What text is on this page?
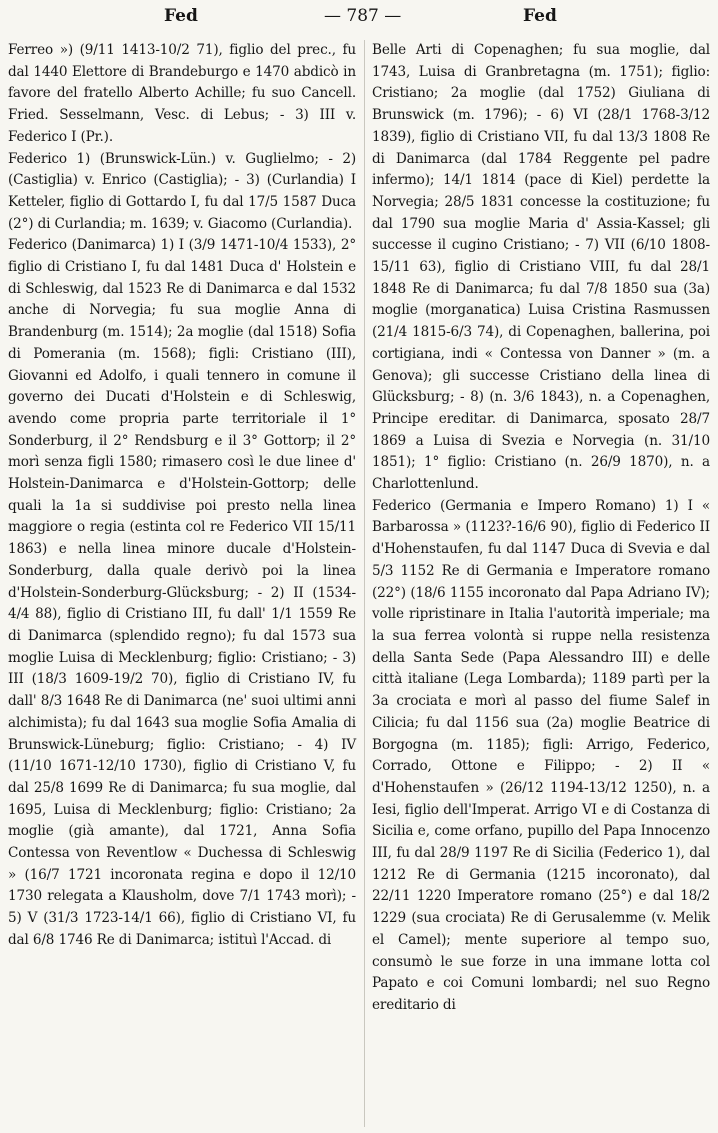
Fed	— 787 —	Fed

Ferreo ») (9/11 1413-10/2 71), figlio del prec., fu dal 1440 Elettore di Brandeburgo e 1470 abdicò in favore del fratello Alberto Achille; fu suo Cancell. Fried. Sesselmann, Vesc. di Lebus; - 3) III v. Federico I (Pr.).

Federico 1) (Brunswick-Lün.) v. Guglielmo; - 2) (Castiglia) v. Enrico (Castiglia); - 3) (Curlandia) I Ketteler, figlio di Gottardo I, fu dal 17/5 1587 Duca (2°) di Curlandia; m. 1639; v. Giacomo (Curlandia).

Federico (Danimarca) 1) I (3/9 1471-10/4 1533), 2° figlio di Cristiano I, fu dal 1481 Duca d' Holstein e di Schleswig, dal 1523 Re di Danimarca e dal 1532 anche di Norvegia; fu sua moglie Anna di Brandenburg (m. 1514); 2a moglie (dal 1518) Sofia di Pomerania (m. 1568); figli: Cristiano (III), Giovanni ed Adolfo, i quali tennero in comune il governo dei Ducati d'Holstein e di Schleswig, avendo come propria parte territoriale il 1° Sonderburg, il 2° Rendsburg e il 3° Gottorp; il 2° morì senza figli 1580; rimasero così le due linee d' Holstein-Danimarca e d'Holstein-Gottorp; delle quali la 1a si suddivise poi presto nella linea maggiore o regia (estinta col re Federico VII 15/11 1863) e nella linea minore ducale d'Holstein-Sonderburg, dalla quale derivò poi la linea d'Holstein-Sonderburg-Glücksburg; - 2) II (1534-4/4 88), figlio di Cristiano III, fu dall' 1/1 1559 Re di Danimarca (splendido regno); fu dal 1573 sua moglie Luisa di Mecklenburg; figlio: Cristiano; - 3) III (18/3 1609-19/2 70), figlio di Cristiano IV, fu dall' 8/3 1648 Re di Danimarca (ne' suoi ultimi anni alchimista); fu dal 1643 sua moglie Sofia Amalia di Brunswick-Lüneburg; figlio: Cristiano; - 4) IV (11/10 1671-12/10 1730), figlio di Cristiano V, fu dal 25/8 1699 Re di Danimarca; fu sua moglie, dal 1695, Luisa di Mecklenburg; figlio: Cristiano; 2a moglie (già amante), dal 1721, Anna Sofia Contessa von Reventlow « Duchessa di Schleswig » (16/7 1721 incoronata regina e dopo il 12/10 1730 relegata a Klausholm, dove 7/1 1743 morì); - 5) V (31/3 1723-14/1 66), figlio di Cristiano VI, fu dal 6/8 1746 Re di Danimarca; istituì l'Accad. di

Belle Arti di Copenaghen; fu sua moglie, dal 1743, Luisa di Granbretagna (m. 1751); figlio: Cristiano; 2a moglie (dal 1752) Giuliana di Brunswick (m. 1796); - 6) VI (28/1 1768-3/12 1839), figlio di Cristiano VII, fu dal 13/3 1808 Re di Danimarca (dal 1784 Reggente pel padre infermo); 14/1 1814 (pace di Kiel) perdette la Norvegia; 28/5 1831 concesse la costituzione; fu dal 1790 sua moglie Maria d' Assia-Kassel; gli successe il cugino Cristiano; - 7) VII (6/10 1808-15/11 63), figlio di Cristiano VIII, fu dal 28/1 1848 Re di Danimarca; fu dal 7/8 1850 sua (3a) moglie (morganatica) Luisa Cristina Rasmussen (21/4 1815-6/3 74), di Copenaghen, ballerina, poi cortigiana, indi « Contessa von Danner » (m. a Genova); gli successe Cristiano della linea di Glücksburg; - 8) (n. 3/6 1843), n. a Copenaghen, Principe ereditar. di Danimarca, sposato 28/7 1869 a Luisa di Svezia e Norvegia (n. 31/10 1851); 1° figlio: Cristiano (n. 26/9 1870), n. a Charlottenlund.

Federico (Germania e Impero Romano) 1) I « Barbarossa » (1123?-16/6 90), figlio di Federico II d'Hohenstaufen, fu dal 1147 Duca di Svevia e dal 5/3 1152 Re di Germania e Imperatore romano (22°) (18/6 1155 incoronato dal Papa Adriano IV); volle ripristinare in Italia l'autorità imperiale; ma la sua ferrea volontà si ruppe nella resistenza della Santa Sede (Papa Alessandro III) e delle città italiane (Lega Lombarda); 1189 partì per la 3a crociata e morì al passo del fiume Salef in Cilicia; fu dal 1156 sua (2a) moglie Beatrice di Borgogna (m. 1185); figli: Arrigo, Federico, Corrado, Ottone e Filippo; - 2) II « d'Hohenstaufen » (26/12 1194-13/12 1250), n. a Iesi, figlio dell'Imperat. Arrigo VI e di Costanza di Sicilia e, come orfano, pupillo del Papa Innocenzo III, fu dal 28/9 1197 Re di Sicilia (Federico 1), dal 1212 Re di Germania (1215 incoronato), dal 22/11 1220 Imperatore romano (25°) e dal 18/2 1229 (sua crociata) Re di Gerusalemme (v. Melik el Camel); mente superiore al tempo suo, consumò le sue forze in una immane lotta col Papato e coi Comuni lombardi; nel suo Regno ereditario di
